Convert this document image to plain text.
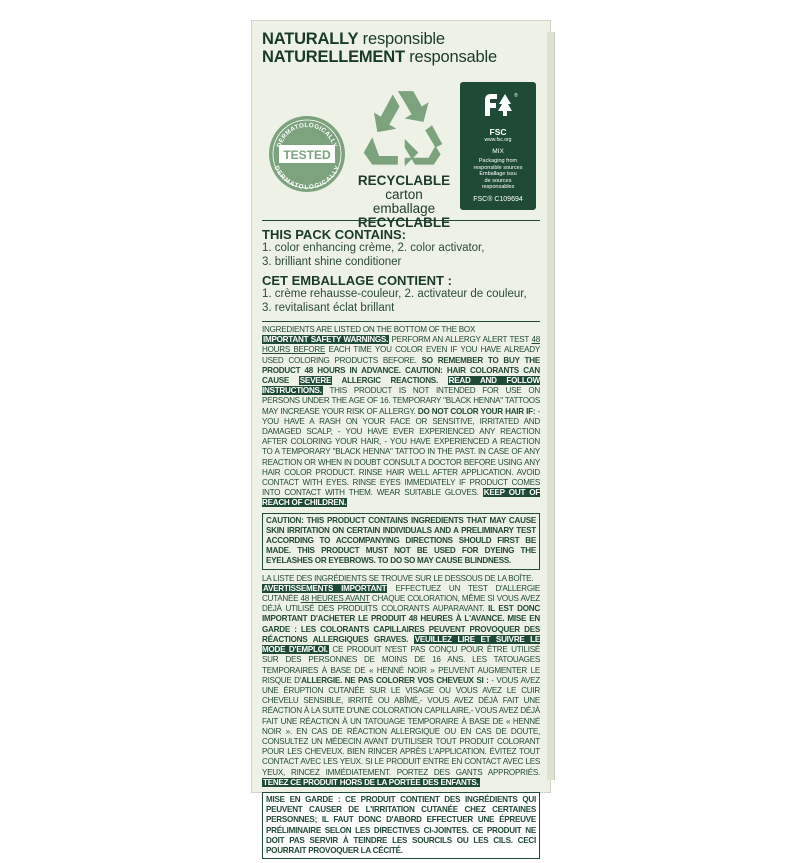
NATURALLY responsible
NATURELLEMENT responsable
TESTED
DERMATOLOGICALLY
DERMATOLOGICALLY
RECYCLABLE
carton
emballage
RECYCLABLE
®
FSC
www.fsc.org
MIX
Packaging from
responsible sources
Emballage issu
de sources
responsables
FSC® C109694
THIS PACK CONTAINS:
1. color enhancing crème, 2. color activator,
3. brilliant shine conditioner
CET EMBALLAGE CONTIENT :
1. crème rehausse-couleur, 2. activateur de couleur,
3. revitalisant éclat brillant
INGREDIENTS ARE LISTED ON THE BOTTOM OF THE BOX
IMPORTANT SAFETY WARNINGS. PERFORM AN ALLERGY ALERT TEST 48 HOURS BEFORE EACH TIME YOU COLOR EVEN IF YOU HAVE ALREADY USED COLORING PRODUCTS BEFORE. SO REMEMBER TO BUY THE PRODUCT 48 HOURS IN ADVANCE. CAUTION: HAIR COLORANTS CAN CAUSE SEVERE ALLERGIC REACTIONS. READ AND FOLLOW INSTRUCTIONS. THIS PRODUCT IS NOT INTENDED FOR USE ON PERSONS UNDER THE AGE OF 16. TEMPORARY "BLACK HENNA" TATTOOS MAY INCREASE YOUR RISK OF ALLERGY. DO NOT COLOR YOUR HAIR IF: - YOU HAVE A RASH ON YOUR FACE OR SENSITIVE, IRRITATED AND DAMAGED SCALP, - YOU HAVE EVER EXPERIENCED ANY REACTION AFTER COLORING YOUR HAIR, - YOU HAVE EXPERIENCED A REACTION TO A TEMPORARY "BLACK HENNA" TATTOO IN THE PAST. IN CASE OF ANY REACTION OR WHEN IN DOUBT CONSULT A DOCTOR BEFORE USING ANY HAIR COLOR PRODUCT. RINSE HAIR WELL AFTER APPLICATION. AVOID CONTACT WITH EYES. RINSE EYES IMMEDIATELY IF PRODUCT COMES INTO CONTACT WITH THEM. WEAR SUITABLE GLOVES. KEEP OUT OF REACH OF CHILDREN.
CAUTION: THIS PRODUCT CONTAINS INGREDIENTS THAT MAY CAUSE SKIN IRRITATION ON CERTAIN INDIVIDUALS AND A PRELIMINARY TEST ACCORDING TO ACCOMPANYING DIRECTIONS SHOULD FIRST BE MADE. THIS PRODUCT MUST NOT BE USED FOR DYEING THE EYELASHES OR EYEBROWS. TO DO SO MAY CAUSE BLINDNESS.
LA LISTE DES INGRÉDIENTS SE TROUVE SUR LE DESSOUS DE LA BOÎTE.
AVERTISSEMENTS IMPORTANT EFFECTUEZ UN TEST D'ALLERGIE CUTANÉE 48 HEURES AVANT CHAQUE COLORATION, MÊME SI VOUS AVEZ DÉJÀ UTILISÉ DES PRODUITS COLORANTS AUPARAVANT. IL EST DONC IMPORTANT D'ACHETER LE PRODUIT 48 HEURES À L'AVANCE. MISE EN GARDE : LES COLORANTS CAPILLAIRES PEUVENT PROVOQUER DES RÉACTIONS ALLERGIQUES GRAVES. VEUILLEZ LIRE ET SUIVRE LE MODE D'EMPLOI. CE PRODUIT N'EST PAS CONÇU POUR ÊTRE UTILISÉ SUR DES PERSONNES DE MOINS DE 16 ANS. LES TATOUAGES TEMPORAIRES À BASE DE « HENNÉ NOIR » PEUVENT AUGMENTER LE RISQUE D'ALLERGIE. NE PAS COLORER VOS CHEVEUX SI : - VOUS AVEZ UNE ÉRUPTION CUTANÉE SUR LE VISAGE OU VOUS AVEZ LE CUIR CHEVELU SENSIBLE, IRRITÉ OU ABÎMÉ,- VOUS AVEZ DÉJÀ FAIT UNE RÉACTION À LA SUITE D'UNE COLORATION CAPILLAIRE,- VOUS AVEZ DÉJÀ FAIT UNE RÉACTION À UN TATOUAGE TEMPORAIRE À BASE DE « HENNÉ NOIR ». EN CAS DE RÉACTION ALLERGIQUE OU EN CAS DE DOUTE, CONSULTEZ UN MÉDECIN AVANT D'UTILISER TOUT PRODUIT COLORANT POUR LES CHEVEUX. BIEN RINCER APRÈS L'APPLICATION. ÉVITEZ TOUT CONTACT AVEC LES YEUX. SI LE PRODUIT ENTRE EN CONTACT AVEC LES YEUX, RINCEZ IMMÉDIATEMENT. PORTEZ DES GANTS APPROPRIÉS. TENEZ CE PRODUIT HORS DE LA PORTÉE DES ENFANTS.
MISE EN GARDE : CE PRODUIT CONTIENT DES INGRÉDIENTS QUI PEUVENT CAUSER DE L'IRRITATION CUTANÉE CHEZ CERTAINES PERSONNES; IL FAUT DONC D'ABORD EFFECTUER UNE ÉPREUVE PRÉLIMINAIRE SELON LES DIRECTIVES CI-JOINTES. CE PRODUIT NE DOIT PAS SERVIR À TEINDRE LES SOURCILS OU LES CILS. CECI POURRAIT PROVOQUER LA CÉCITÉ.
